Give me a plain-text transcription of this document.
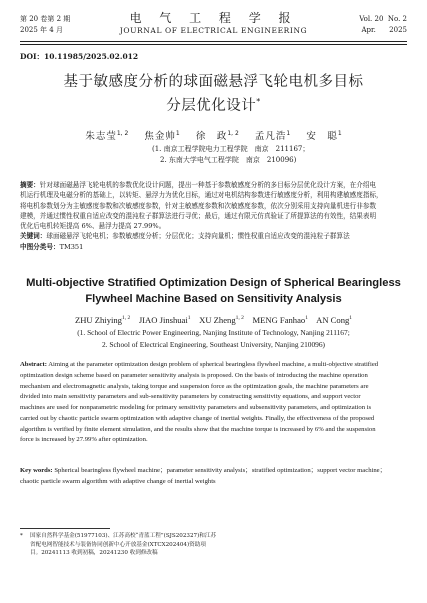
第 20 卷第 2 期
2025 年 4 月
电 气 工 程 学 报
JOURNAL OF ELECTRICAL ENGINEERING
Vol. 20 No. 2
Apr. 2025
DOI：10.11985/2025.02.012
基于敏感度分析的球面磁悬浮飞轮电机多目标
分层优化设计*
朱志莹$^{1, 2}$ 焦金帅$^1$ 徐　政$^{1, 2}$ 孟凡浩$^1$ 安　聪$^1$
(1. 南京工程学院电力工程学院　南京　211167；
2. 东南大学电气工程学院　南京　210096)
摘要：针对球面磁悬浮飞轮电机的参数优化设计问题，提出一种基于参数敏感度分析的多目标分层优化设计方案，在介绍电
机运行机理及电磁分析的基础上，以转矩、悬浮力为优化目标，通过对电机结构参数进行敏感度分析，利用构建敏感度指标，
将电机参数划分为主敏感度参数和次敏感度参数，针对主敏感度参数和次敏感度参数，依次分别采用支持向量机进行非参数
建模，并通过惯性权重自适应改变的混沌粒子群算法进行寻优；最后，通过有限元仿真验证了所提算法的有效性，结果表明
优化后电机转矩提高 6%、悬浮力提高 27.99%。
关键词：球面磁悬浮飞轮电机；参数敏感度分析；分层优化；支持向量机；惯性权重自适应改变的混沌粒子群算法
中图分类号：TM351
Multi-objective Stratified Optimization Design of Spherical Bearingless
Flywheel Machine Based on Sensitivity Analysis
ZHU Zhiying$^{1, 2}$ JIAO Jinshuai$^1$ XU Zheng$^{1, 2}$ MENG Fanhao$^1$ AN Cong$^1$
(1. School of Electric Power Engineering, Nanjing Institute of Technology, Nanjing 211167;
2. School of Electrical Engineering, Southeast University, Nanjing 210096)
Abstract: Aiming at the parameter optimization design problem of spherical bearingless flywheel machine, a multi-objective stratified
optimization design scheme based on parameter sensitivity analysis is proposed. On the basis of introducing the machine operation
mechanism and electromagnetic analysis, taking torque and suspension force as the optimization goals, the machine parameters are
divided into main sensitivity parameters and sub-sensitivity parameters by constructing sensitivity equations, and support vector
machines are used for nonparametric modeling for primary sensitivity parameters and subsensitivity parameters, and optimization is
carried out by chaotic particle swarm optimization with adaptive change of inertial weights. Finally, the effectiveness of the proposed
algorithm is verified by finite element simulation, and the results show that the machine torque is increased by 6% and the suspension
force is increased by 27.99% after optimization.
Key words: Spherical bearingless flywheel machine；parameter sensitivity analysis；stratified optimization；support vector machine；
chaotic particle swarm algorithm with adaptive change of inertial weights
* 国家自然科学基金(51977103)、江苏高校“青蓝工程”(SJS202327)和江苏
省配电网智能技术与装备协同创新中心开放基金(XTCX202404)资助项
目。20241113 收到初稿，20241230 收到修改稿
